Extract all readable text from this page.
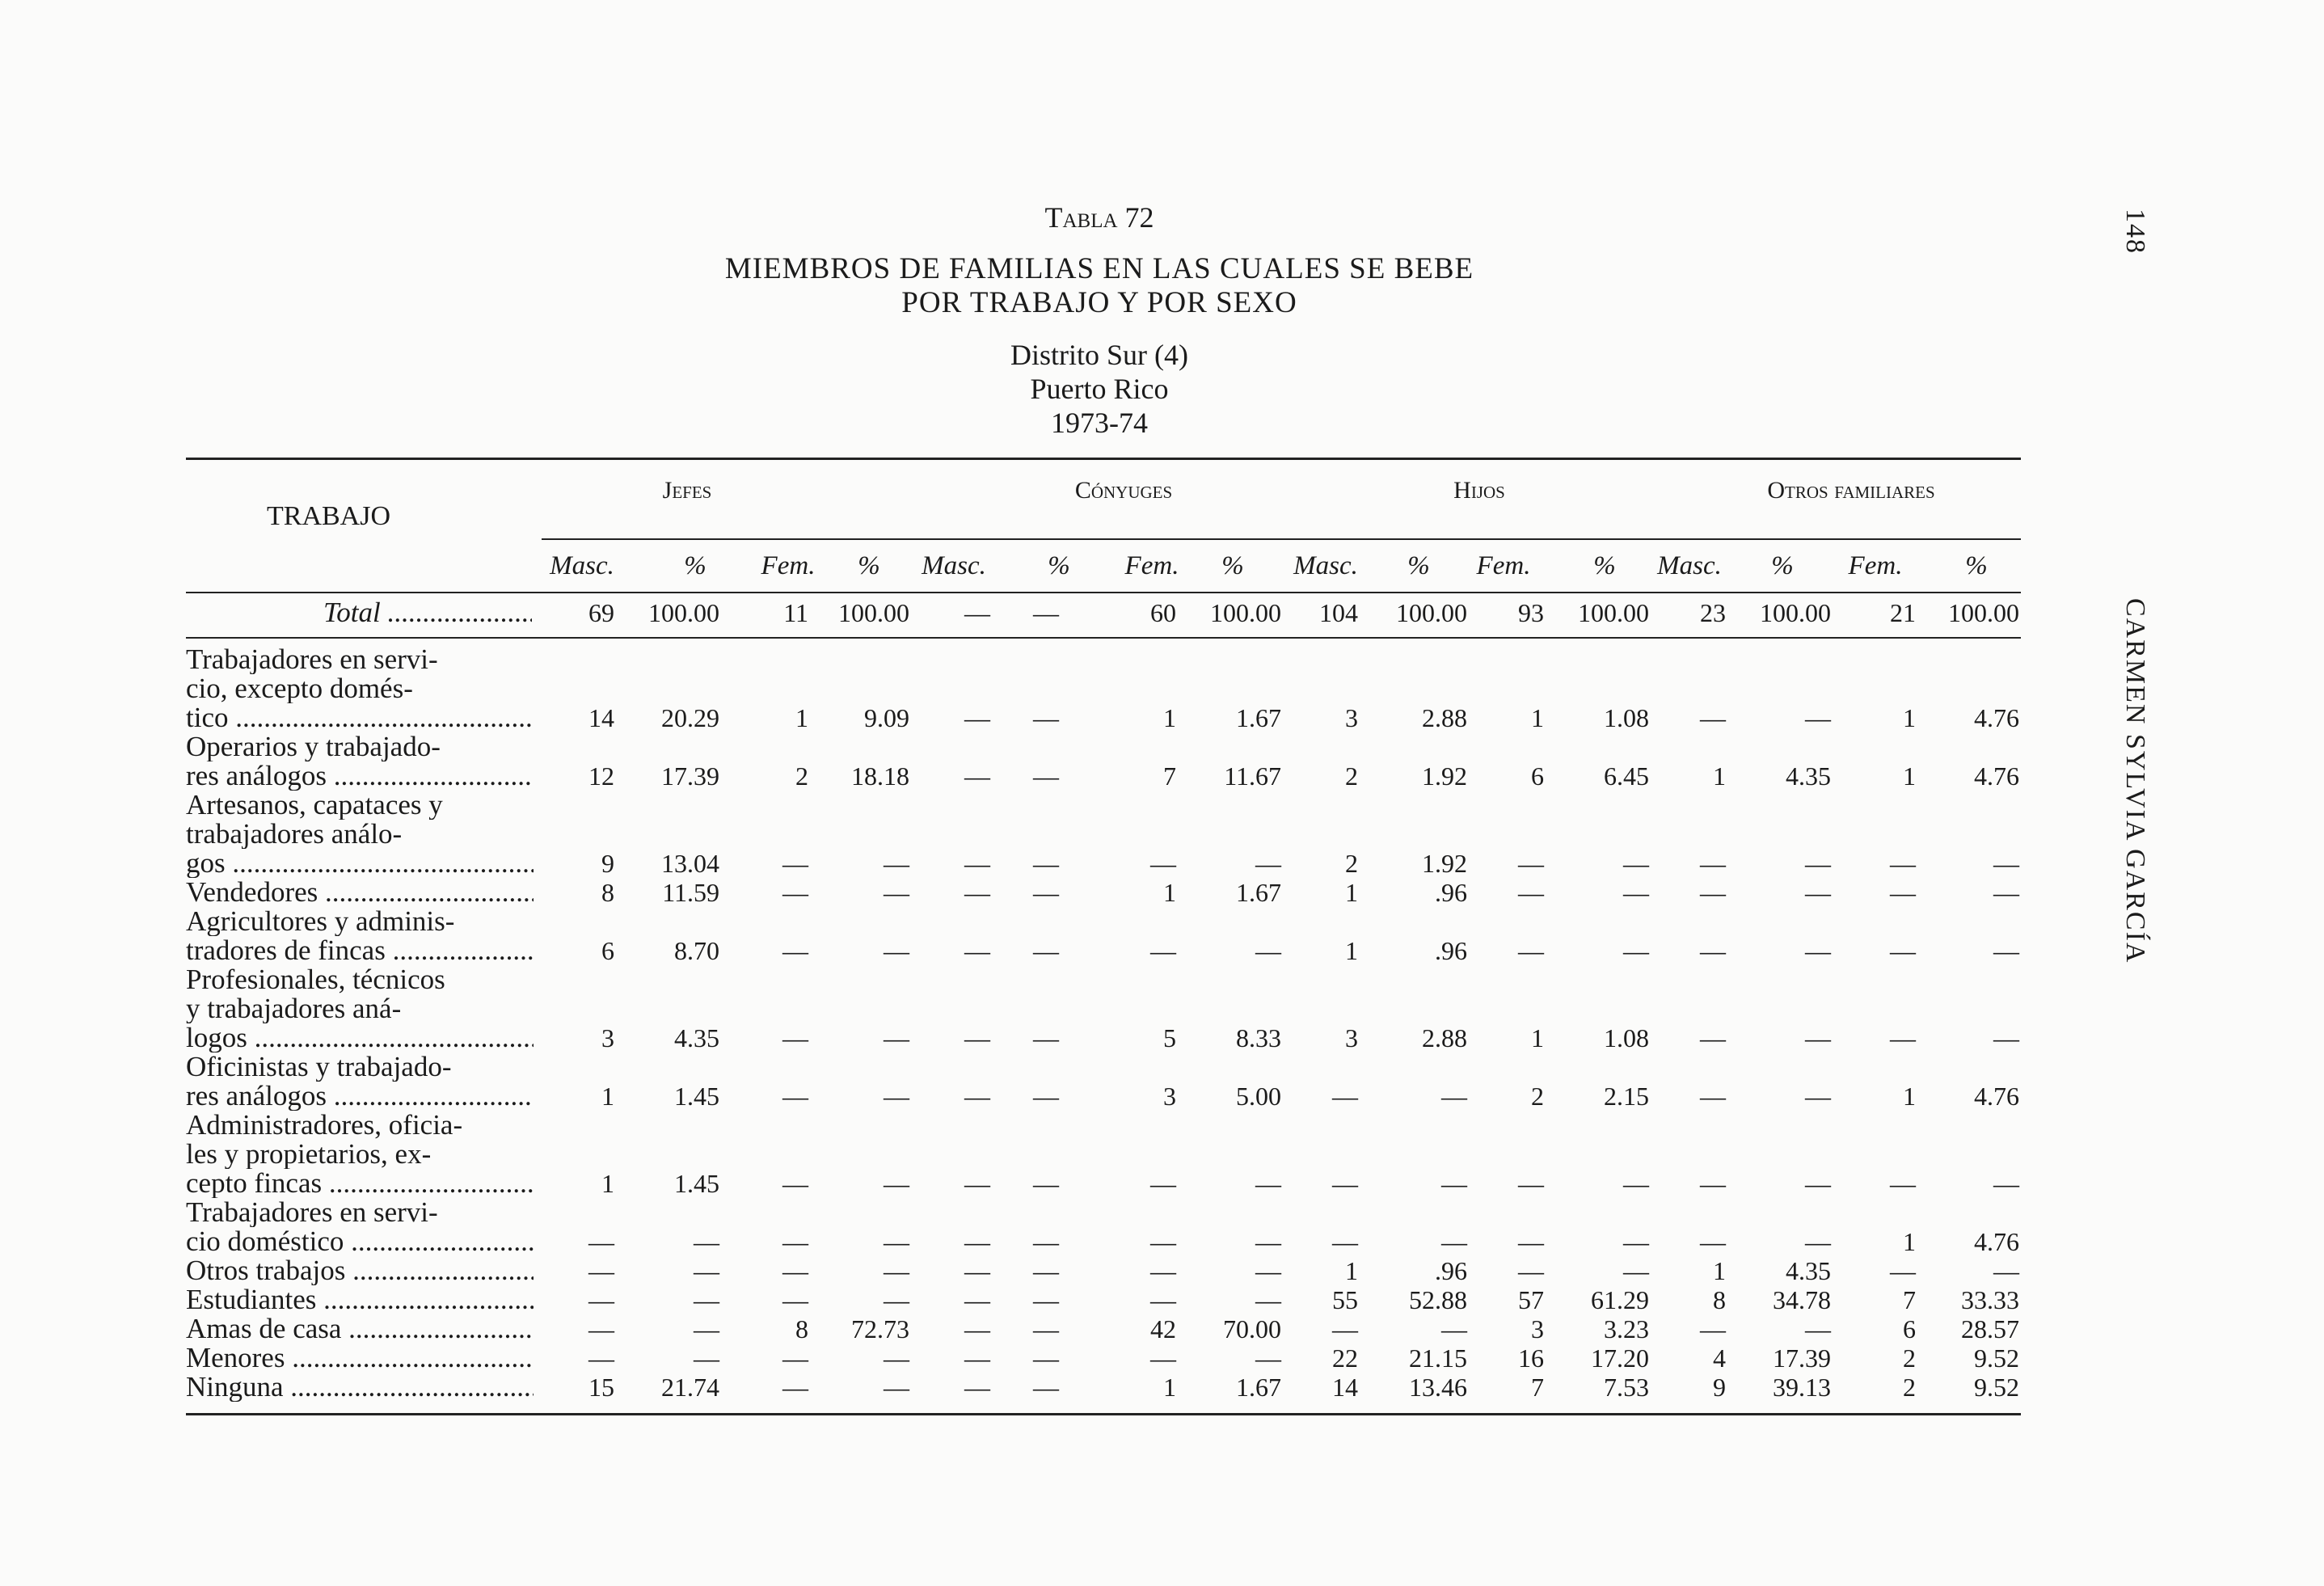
148
CARMEN SYLVIA GARCÍA
Tabla 72
MIEMBROS DE FAMILIAS EN LAS CUALES SE BEBE
POR TRABAJO Y POR SEXO
Distrito Sur (4)
Puerto Rico
1973-74
TRABAJO
Jefes	Cónyuges	Hijos	Otros familiares
Masc.	% Fem. % Masc. % Fem. % Masc. % Fem. % Masc. % Fem. %
Total .....	69	100.00	11	100.00	—	—	60	100.00	104	100.00	93	100.00	23	100.00	21	100.00
Trabajadores en servi-
cio, excepto domés-
tico .....	14	20.29	1	9.09	—	—	1	1.67	3	2.88	1	1.08	—	—	1	4.76
Operarios y trabajado-
res análogos .....	12	17.39	2	18.18	—	—	7	11.67	2	1.92	6	6.45	1	4.35	1	4.76
Artesanos, capataces y
trabajadores análo-
gos .....	9	13.04	—	—	—	—	—	—	2	1.92	—	—	—	—	—	—
Vendedores .....	8	11.59	—	—	—	—	1	1.67	1	.96	—	—	—	—	—	—
Agricultores y adminis-
tradores de fincas .....	6	8.70	—	—	—	—	—	—	1	.96	—	—	—	—	—	—
Profesionales, técnicos
y trabajadores aná-
logos .....	3	4.35	—	—	—	—	5	8.33	3	2.88	1	1.08	—	—	—	—
Oficinistas y trabajado-
res análogos .....	1	1.45	—	—	—	—	3	5.00	—	—	2	2.15	—	—	1	4.76
Administradores, oficia-
les y propietarios, ex-
cepto fincas .....	1	1.45	—	—	—	—	—	—	—	—	—	—	—	—	—	—
Trabajadores en servi-
cio doméstico .....	—	—	—	—	—	—	—	—	—	—	—	—	—	—	1	4.76
Otros trabajos .....	—	—	—	—	—	—	—	—	1	.96	—	—	1	4.35	—	—
Estudiantes .....	—	—	—	—	—	—	—	—	55	52.88	57	61.29	8	34.78	7	33.33
Amas de casa .....	—	—	8	72.73	—	—	42	70.00	—	—	3	3.23	—	—	6	28.57
Menores .....	—	—	—	—	—	—	—	—	22	21.15	16	17.20	4	17.39	2	9.52
Ninguna .....	15	21.74	—	—	—	—	1	1.67	14	13.46	7	7.53	9	39.13	2	9.52
